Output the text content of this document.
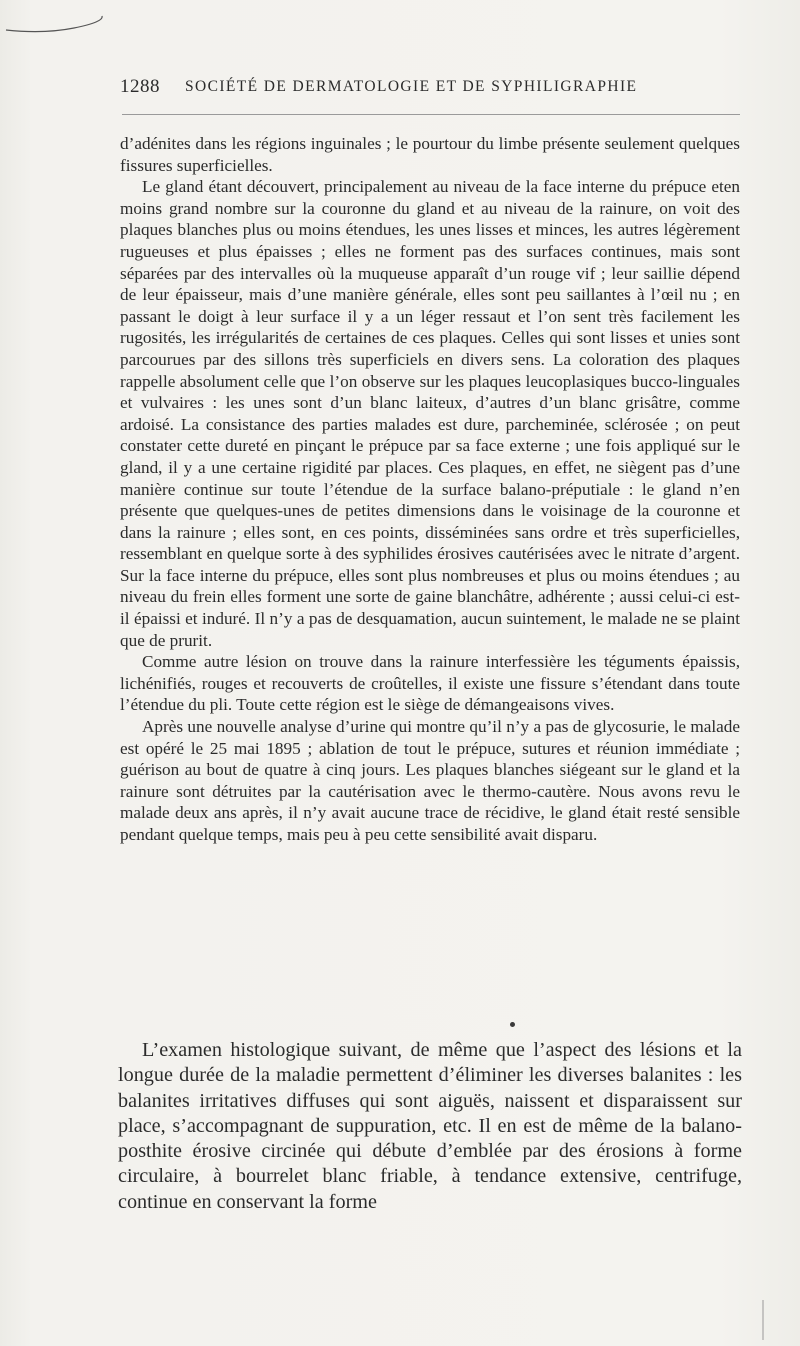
1288 SOCIÉTÉ DE DERMATOLOGIE ET DE SYPHILIGRAPHIE

d’adénites dans les régions inguinales ; le pourtour du limbe présente seulement quelques fissures superficielles.

Le gland étant découvert, principalement au niveau de la face interne du prépuce eten moins grand nombre sur la couronne du gland et au niveau de la rainure, on voit des plaques blanches plus ou moins étendues, les unes lisses et minces, les autres légèrement rugueuses et plus épaisses ; elles ne forment pas des surfaces continues, mais sont séparées par des intervalles où la muqueuse apparaît d’un rouge vif ; leur saillie dépend de leur épaisseur, mais d’une manière générale, elles sont peu saillantes à l’œil nu ; en passant le doigt à leur surface il y a un léger ressaut et l’on sent très facilement les rugosités, les irrégularités de certaines de ces plaques. Celles qui sont lisses et unies sont parcourues par des sillons très superficiels en divers sens. La coloration des plaques rappelle absolument celle que l’on observe sur les plaques leucoplasiques bucco-linguales et vulvaires : les unes sont d’un blanc laiteux, d’autres d’un blanc grisâtre, comme ardoisé. La consistance des parties malades est dure, parcheminée, sclérosée ; on peut constater cette dureté en pinçant le prépuce par sa face externe ; une fois appliqué sur le gland, il y a une certaine rigidité par places. Ces plaques, en effet, ne siègent pas d’une manière continue sur toute l’étendue de la surface balano-préputiale : le gland n’en présente que quelques-unes de petites dimensions dans le voisinage de la couronne et dans la rainure ; elles sont, en ces points, disséminées sans ordre et très superficielles, ressemblant en quelque sorte à des syphilides érosives cautérisées avec le nitrate d’argent. Sur la face interne du prépuce, elles sont plus nombreuses et plus ou moins étendues ; au niveau du frein elles forment une sorte de gaine blanchâtre, adhérente ; aussi celui-ci est-il épaissi et induré. Il n’y a pas de desquamation, aucun suintement, le malade ne se plaint que de prurit.

Comme autre lésion on trouve dans la rainure interfessière les téguments épaissis, lichénifiés, rouges et recouverts de croûtelles, il existe une fissure s’étendant dans toute l’étendue du pli. Toute cette région est le siège de démangeaisons vives.

Après une nouvelle analyse d’urine qui montre qu’il n’y a pas de glycosurie, le malade est opéré le 25 mai 1895 ; ablation de tout le prépuce, sutures et réunion immédiate ; guérison au bout de quatre à cinq jours. Les plaques blanches siégeant sur le gland et la rainure sont détruites par la cautérisation avec le thermo-cautère. Nous avons revu le malade deux ans après, il n’y avait aucune trace de récidive, le gland était resté sensible pendant quelque temps, mais peu à peu cette sensibilité avait disparu.

L’examen histologique suivant, de même que l’aspect des lésions et la longue durée de la maladie permettent d’éliminer les diverses balanites : les balanites irritatives diffuses qui sont aiguës, naissent et disparaissent sur place, s’accompagnant de suppuration, etc. Il en est de même de la balano-posthite érosive circinée qui débute d’emblée par des érosions à forme circulaire, à bourrelet blanc friable, à tendance extensive, centrifuge, continue en conservant la forme
